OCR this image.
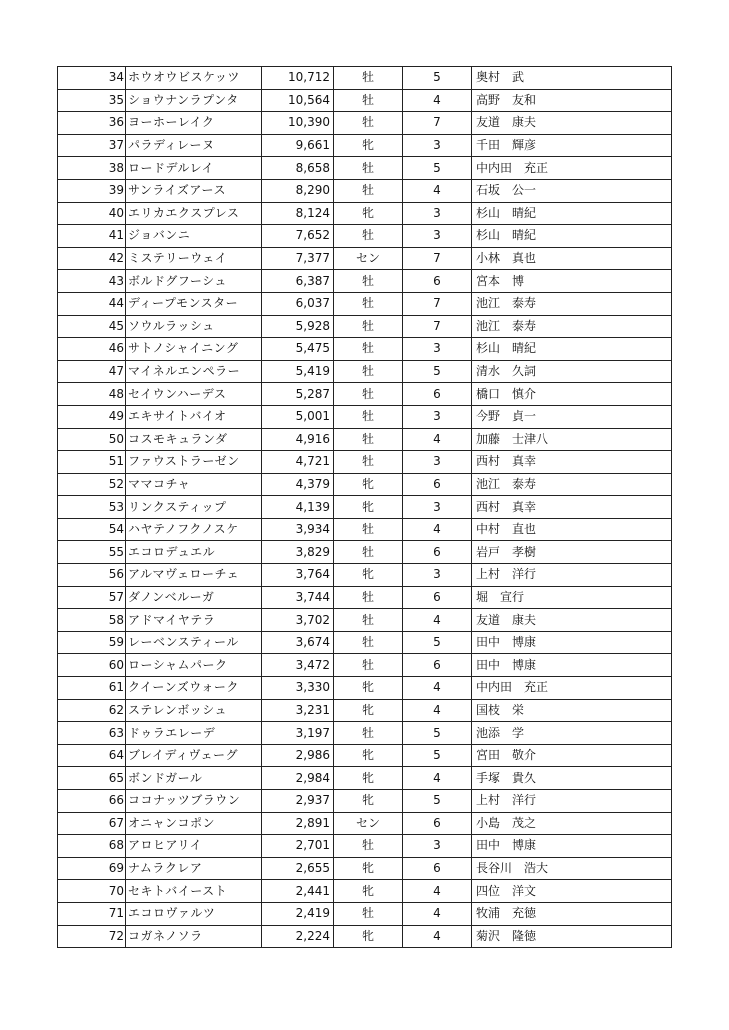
34	ホウオウビスケッツ	10,712	牡	5	奥村　武
35	ショウナンラプンタ	10,564	牡	4	高野　友和
36	ヨーホーレイク	10,390	牡	7	友道　康夫
37	パラディレーヌ	9,661	牝	3	千田　輝彦
38	ロードデルレイ	8,658	牡	5	中内田　充正
39	サンライズアース	8,290	牡	4	石坂　公一
40	エリカエクスプレス	8,124	牝	3	杉山　晴紀
41	ジョバンニ	7,652	牡	3	杉山　晴紀
42	ミステリーウェイ	7,377	セン	7	小林　真也
43	ボルドグフーシュ	6,387	牡	6	宮本　博
44	ディープモンスター	6,037	牡	7	池江　泰寿
45	ソウルラッシュ	5,928	牡	7	池江　泰寿
46	サトノシャイニング	5,475	牡	3	杉山　晴紀
47	マイネルエンペラー	5,419	牡	5	清水　久詞
48	セイウンハーデス	5,287	牡	6	橋口　慎介
49	エキサイトバイオ	5,001	牡	3	今野　貞一
50	コスモキュランダ	4,916	牡	4	加藤　士津八
51	ファウストラーゼン	4,721	牡	3	西村　真幸
52	ママコチャ	4,379	牝	6	池江　泰寿
53	リンクスティップ	4,139	牝	3	西村　真幸
54	ハヤテノフクノスケ	3,934	牡	4	中村　直也
55	エコロデュエル	3,829	牡	6	岩戸　孝樹
56	アルマヴェローチェ	3,764	牝	3	上村　洋行
57	ダノンベルーガ	3,744	牡	6	堀　宣行
58	アドマイヤテラ	3,702	牡	4	友道　康夫
59	レーベンスティール	3,674	牡	5	田中　博康
60	ローシャムパーク	3,472	牡	6	田中　博康
61	クイーンズウォーク	3,330	牝	4	中内田　充正
62	ステレンボッシュ	3,231	牝	4	国枝　栄
63	ドゥラエレーデ	3,197	牡	5	池添　学
64	ブレイディヴェーグ	2,986	牝	5	宮田　敬介
65	ボンドガール	2,984	牝	4	手塚　貴久
66	ココナッツブラウン	2,937	牝	5	上村　洋行
67	オニャンコポン	2,891	セン	6	小島　茂之
68	アロヒアリイ	2,701	牡	3	田中　博康
69	ナムラクレア	2,655	牝	6	長谷川　浩大
70	セキトバイースト	2,441	牝	4	四位　洋文
71	エコロヴァルツ	2,419	牡	4	牧浦　充徳
72	コガネノソラ	2,224	牝	4	菊沢　隆徳
